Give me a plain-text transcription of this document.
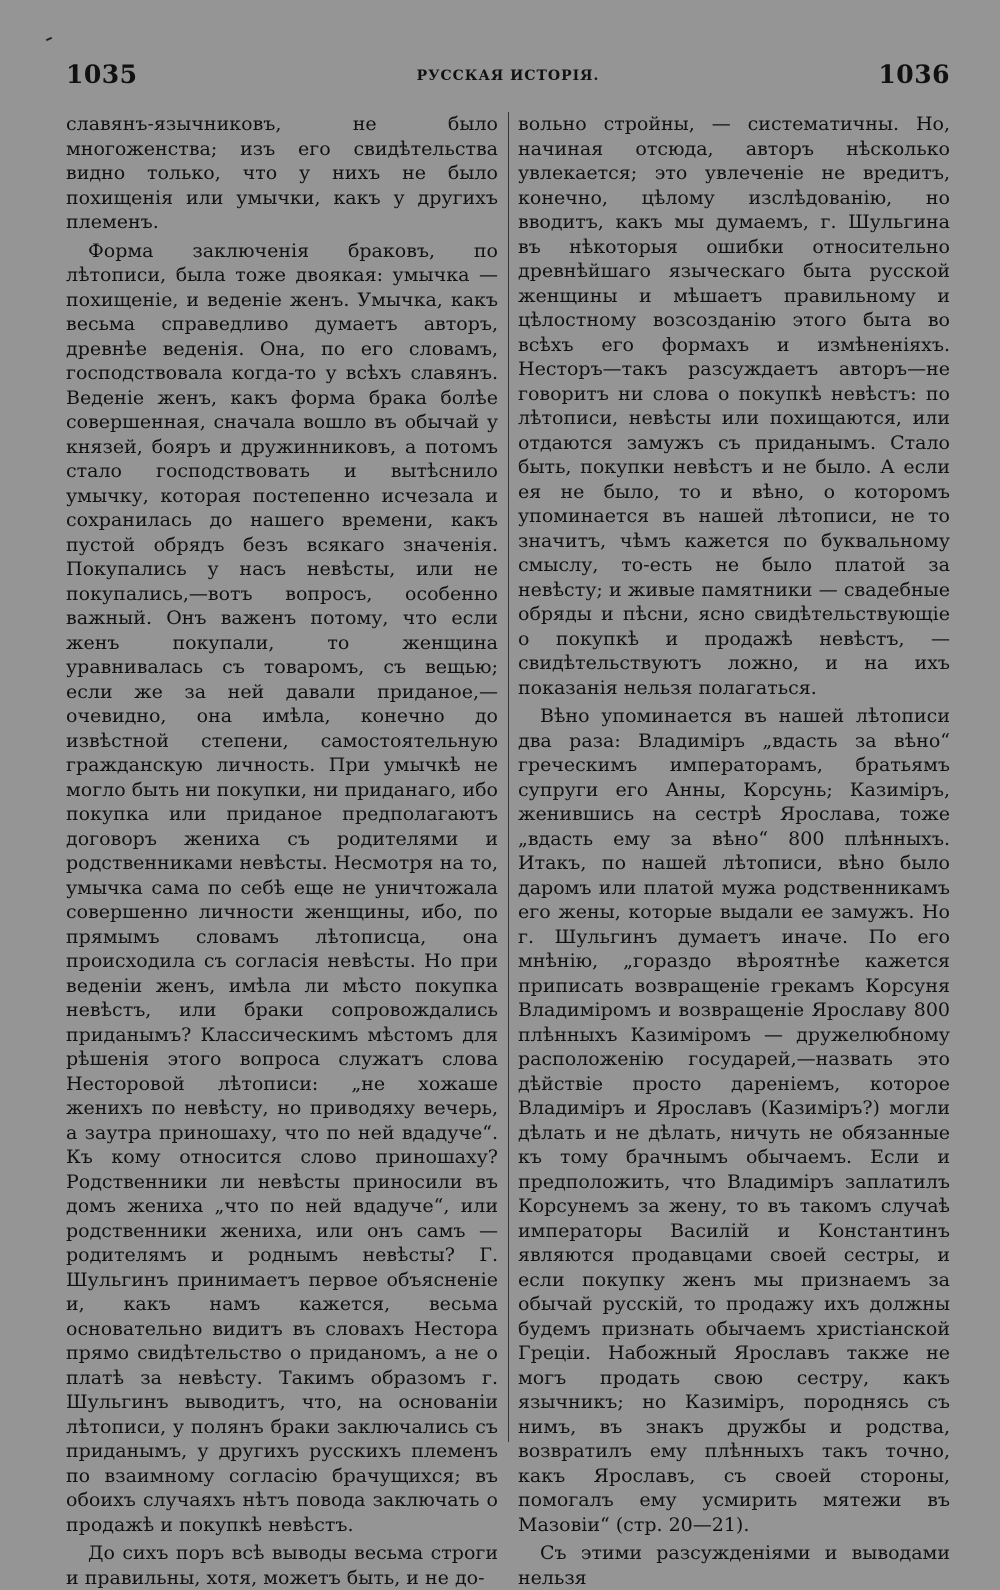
1035	РУССКАЯ ИСТОРІЯ.	1036

славянъ-язычниковъ, не было многоженства; изъ его свидѣтельства видно только, что у нихъ не было похищенія или умычки, какъ у другихъ племенъ.

Форма заключенія браковъ, по лѣтописи, была тоже двоякая: умычка — похищеніе, и веденіе женъ. Умычка, какъ весьма справедливо думаетъ авторъ, древнѣе веденія. Она, по его словамъ, господствовала когда-то у всѣхъ славянъ. Веденіе женъ, какъ форма брака болѣе совершенная, сначала вошло въ обычай у князей, бояръ и дружинниковъ, а потомъ стало господствовать и вытѣснило умычку, которая постепенно исчезала и сохранилась до нашего времени, какъ пустой обрядъ безъ всякаго значенія. Покупались у насъ невѣсты, или не покупались,—вотъ вопросъ, особенно важный. Онъ важенъ потому, что если женъ покупали, то женщина уравнивалась съ товаромъ, съ вещью; если же за ней давали приданое,—очевидно, она имѣла, конечно до извѣстной степени, самостоятельную гражданскую личность. При умычкѣ не могло быть ни покупки, ни приданаго, ибо покупка или приданое предполагаютъ договоръ жениха съ родителями и родственниками невѣсты. Несмотря на то, умычка сама по себѣ еще не уничтожала совершенно личности женщины, ибо, по прямымъ словамъ лѣтописца, она происходила съ согласія невѣсты. Но при веденіи женъ, имѣла ли мѣсто покупка невѣстъ, или браки сопровождались приданымъ? Классическимъ мѣстомъ для рѣшенія этого вопроса служатъ слова Несторовой лѣтописи: „не хожаше женихъ по невѣсту, но приводяху вечерь, а заутра приношаху, что по ней вдадуче“. Къ кому относится слово приношаху? Родственники ли невѣсты приносили въ домъ жениха „что по ней вдадуче“, или родственники жениха, или онъ самъ — родителямъ и роднымъ невѣсты? Г. Шульгинъ принимаетъ первое объясненіе и, какъ намъ кажется, весьма основательно видитъ въ словахъ Нестора прямо свидѣтельство о приданомъ, а не о платѣ за невѣсту. Такимъ образомъ г. Шульгинъ выводитъ, что, на основаніи лѣтописи, у полянъ браки заключались съ приданымъ, у другихъ русскихъ племенъ по взаимному согласію брачущихся; въ обоихъ случаяхъ нѣтъ повода заключать о продажѣ и покупкѣ невѣстъ.

До сихъ поръ всѣ выводы весьма строги и правильны, хотя, можетъ быть, и не до-

вольно стройны, — систематичны. Но, начиная отсюда, авторъ нѣсколько увлекается; это увлеченіе не вредитъ, конечно, цѣлому изслѣдованію, но вводитъ, какъ мы думаемъ, г. Шульгина въ нѣкоторыя ошибки относительно древнѣйшаго языческаго быта русской женщины и мѣшаетъ правильному и цѣлостному возсозданію этого быта во всѣхъ его формахъ и измѣненіяхъ. Несторъ—такъ разсуждаетъ авторъ—не говоритъ ни слова о покупкѣ невѣстъ: по лѣтописи, невѣсты или похищаются, или отдаются замужъ съ приданымъ. Стало быть, покупки невѣстъ и не было. А если ея не было, то и вѣно, о которомъ упоминается въ нашей лѣтописи, не то значитъ, чѣмъ кажется по буквальному смыслу, то-есть не было платой за невѣсту; и живые памятники — свадебные обряды и пѣсни, ясно свидѣтельствующіе о покупкѣ и продажѣ невѣстъ, — свидѣтельствуютъ ложно, и на ихъ показанія нельзя полагаться.

Вѣно упоминается въ нашей лѣтописи два раза: Владиміръ „вдасть за вѣно“ греческимъ императорамъ, братьямъ супруги его Анны, Корсунь; Казиміръ, женившись на сестрѣ Ярослава, тоже „вдасть ему за вѣно“ 800 плѣнныхъ. Итакъ, по нашей лѣтописи, вѣно было даромъ или платой мужа родственникамъ его жены, которые выдали ее замужъ. Но г. Шульгинъ думаетъ иначе. По его мнѣнію, „гораздо вѣроятнѣе кажется приписать возвращеніе грекамъ Корсуня Владиміромъ и возвращеніе Ярославу 800 плѣнныхъ Казиміромъ — дружелюбному расположенію государей,—назвать это дѣйствіе просто дареніемъ, которое Владиміръ и Ярославъ (Казиміръ?) могли дѣлать и не дѣлать, ничуть не обязанные къ тому брачнымъ обычаемъ. Если и предположить, что Владиміръ заплатилъ Корсунемъ за жену, то въ такомъ случаѣ императоры Василій и Константинъ являются продавцами своей сестры, и если покупку женъ мы признаемъ за обычай русскій, то продажу ихъ должны будемъ признать обычаемъ христіанской Греціи. Набожный Ярославъ также не могъ продать свою сестру, какъ язычникъ; но Казиміръ, породнясь съ нимъ, въ знакъ дружбы и родства, возвратилъ ему плѣнныхъ такъ точно, какъ Ярославъ, съ своей стороны, помогалъ ему усмирить мятежи въ Мазовіи“ (стр. 20—21).

Съ этими разсужденіями и выводами нельзя
